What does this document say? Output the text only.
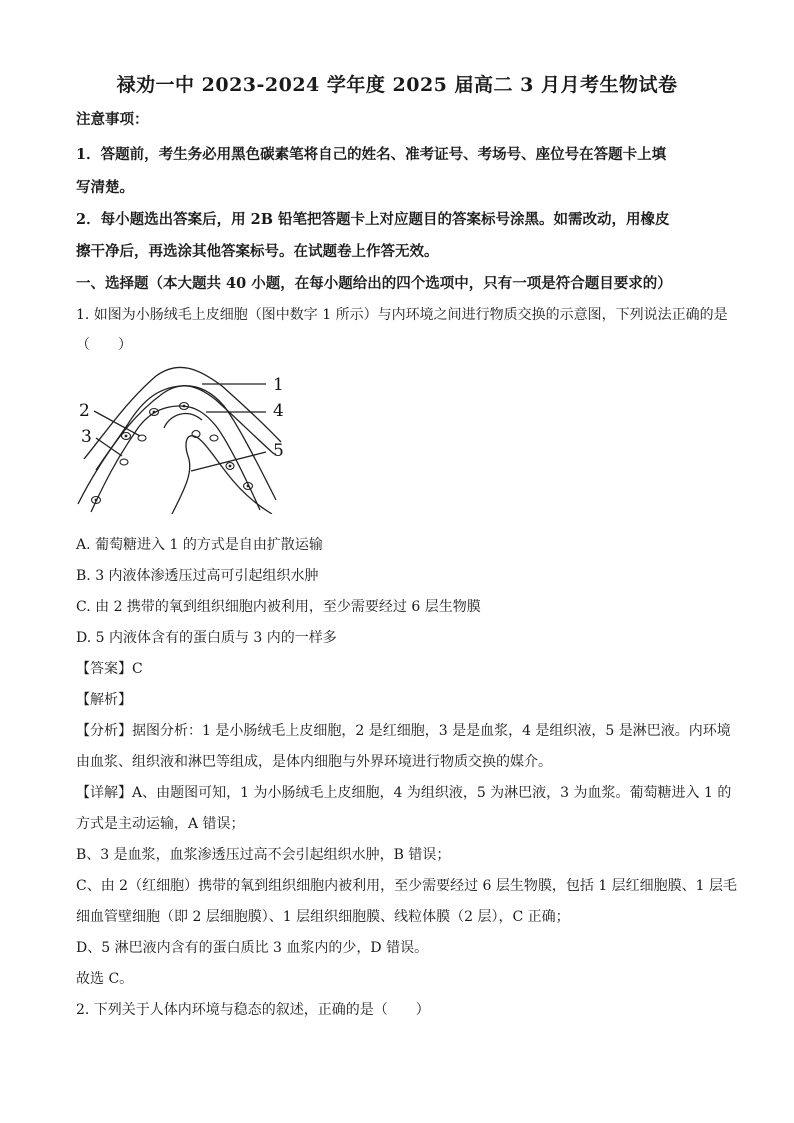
禄劝一中 2023-2024 学年度 2025 届高二 3 月月考生物试卷
注意事项：
1．答题前，考生务必用黑色碳素笔将自己的姓名、准考证号、考场号、座位号在答题卡上填
写清楚。
2．每小题选出答案后，用 2B 铅笔把答题卡上对应题目的答案标号涂黑。如需改动，用橡皮
擦干净后，再选涂其他答案标号。在试题卷上作答无效。
一、选择题（本大题共 40 小题，在每小题给出的四个选项中，只有一项是符合题目要求的）
1. 如图为小肠绒毛上皮细胞（图中数字 1 所示）与内环境之间进行物质交换的示意图，下列说法正确的是
（　　）
1
2
3
4
5
A. 葡萄糖进入 1 的方式是自由扩散运输
B. 3 内液体渗透压过高可引起组织水肿
C. 由 2 携带的氧到组织细胞内被利用，至少需要经过 6 层生物膜
D. 5 内液体含有的蛋白质与 3 内的一样多
【答案】C
【解析】
【分析】据图分析：1 是小肠绒毛上皮细胞，2 是红细胞，3 是是血浆，4 是组织液，5 是淋巴液。内环境
由血浆、组织液和淋巴等组成，是体内细胞与外界环境进行物质交换的媒介。
【详解】A、由题图可知，1 为小肠绒毛上皮细胞，4 为组织液，5 为淋巴液，3 为血浆。葡萄糖进入 1 的
方式是主动运输，A 错误；
B、3 是血浆，血浆渗透压过高不会引起组织水肿，B 错误；
C、由 2（红细胞）携带的氧到组织细胞内被利用，至少需要经过 6 层生物膜，包括 1 层红细胞膜、1 层毛
细血管壁细胞（即 2 层细胞膜）、1 层组织细胞膜、线粒体膜（2 层），C 正确；
D、5 淋巴液内含有的蛋白质比 3 血浆内的少，D 错误。
故选 C。
2. 下列关于人体内环境与稳态的叙述，正确的是（　　）
